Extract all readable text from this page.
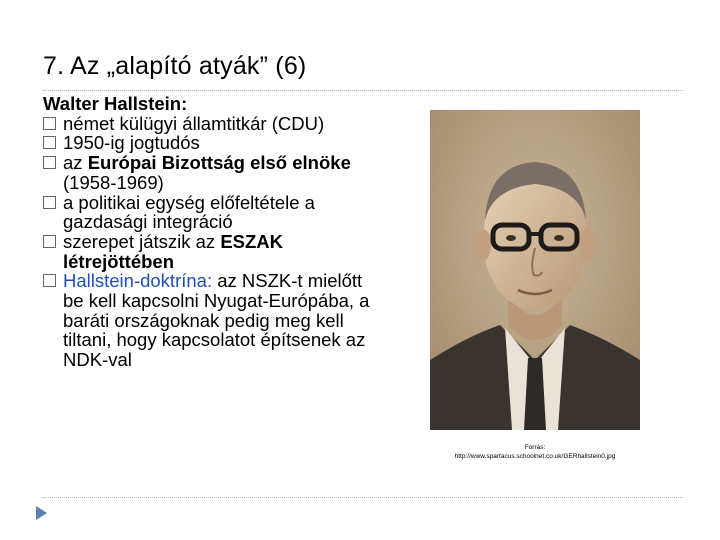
7. Az „alapító atyák” (6)
Walter Hallstein:
német külügyi államtitkár (CDU)
1950-ig jogtudós
az Európai Bizottság első elnöke (1958-1969)
a politikai egység előfeltétele a gazdasági integráció
szerepet játszik az ESZAK létrejöttében
Hallstein-doktrína: az NSZK-t mielőtt be kell kapcsolni Nyugat-Európába, a baráti országoknak pedig meg kell tiltani, hogy kapcsolatot építsenek az NDK-val
Forrás:
http://www.spartacus.schoolnet.co.uk/GERhallstein0.jpg
